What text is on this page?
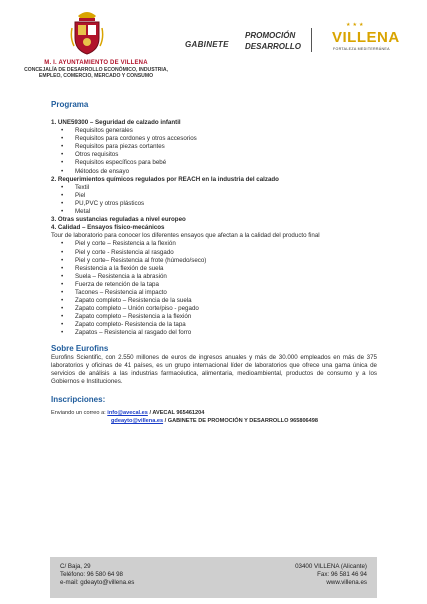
M. I. AYUNTAMIENTO DE VILLENA
CONCEJALÍA DE DESARROLLO ECONÓMICO, INDUSTRIA, EMPLEO, COMERCIO, MERCADO Y CONSUMO
GABINETE
PROMOCIÓN
DESARROLLO
★★★
VILLENA
FORTALEZA MEDITERRÁNEA

Programa

1. UNE59300 – Seguridad de calzado infantil

• Requisitos generales
• Requisitos para cordones y otros accesorios
• Requisitos para piezas cortantes
• Otros requisitos
• Requisitos específicos para bebé
• Métodos de ensayo

2. Requerimientos químicos regulados por REACH en la industria del calzado

• Textil
• Piel
• PU,PVC y otros plásticos
• Metal

3. Otras sustancias reguladas a nivel europeo

4. Calidad – Ensayos físico-mecánicos

Tour de laboratorio para conocer los diferentes ensayos que afectan a la calidad del producto final

• Piel y corte – Resistencia a la flexión
• Piel y corte - Resistencia al rasgado
• Piel y corte– Resistencia al frote (húmedo/seco)
• Resistencia a la flexión de suela
• Suela – Resistencia a la abrasión
• Fuerza de retención de la tapa
• Tacones – Resistencia al impacto
• Zapato completo – Resistencia de la suela
• Zapato completo – Unión corte/piso - pegado
• Zapato completo – Resistencia a la flexión
• Zapato completo- Resistencia de la tapa
• Zapatos – Resistencia al rasgado del forro

Sobre Eurofins

Eurofins Scientific, con 2.550 millones de euros de ingresos anuales y más de 30.000 empleados en más de 375 laboratorios y oficinas de 41 países, es un grupo internacional líder de laboratorios que ofrece una gama única de servicios de análisis a las industrias farmacéutica, alimentaria, medioambiental, productos de consumo y a los Gobiernos e Instituciones.

Inscripciones:

Enviando un correo a: info@avecal.es / AVECAL 965461204

gdeayto@villena.es / GABINETE DE PROMOCIÓN Y DESARROLLO 965806498

C/ Baja, 29
Teléfono: 96 580 64 98
e-mail: gdeayto@villena.es
03400 VILLENA (Alicante)
Fax: 96 581 46 94
www.villena.es
